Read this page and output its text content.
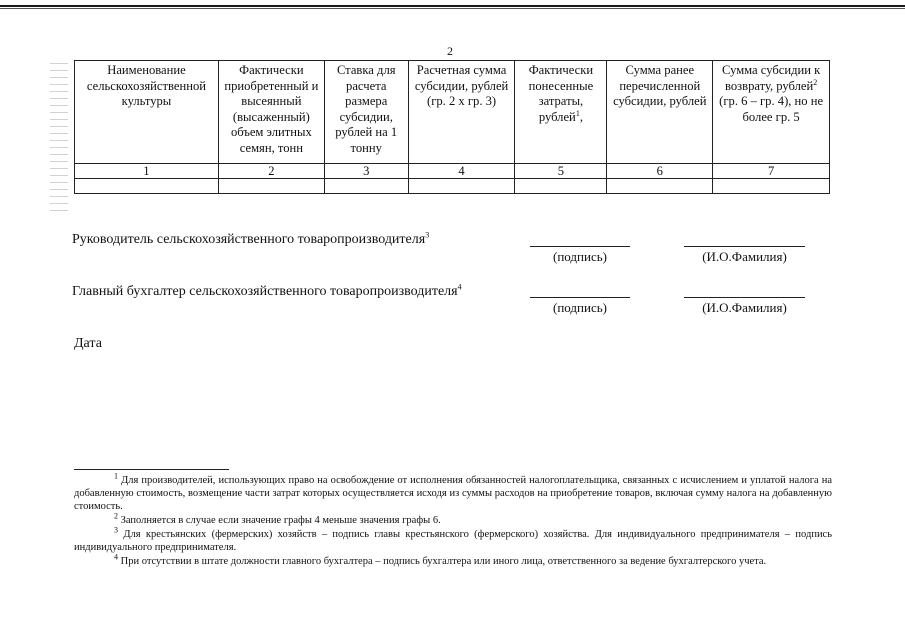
2
Наименование сельскохозяйственной культуры	Фактически приобретенный и высеянный (высаженный) объем элитных семян, тонн	Ставка для расчета размера субсидии, рублей на 1 тонну	Расчетная сумма субсидии, рублей (гр. 2 x гр. 3)	Фактически понесенные затраты, рублей$^1$,	Сумма ранее перечисленной субсидии, рублей	Сумма субсидии к возврату, рублей$^2$
(гр. 6 – гр. 4), но не более гр. 5
1	2	3	4	5	6	7

Руководитель сельскохозяйственного товаропроизводителя$^3$
(подпись)	(И.О.Фамилия)
Главный бухгалтер сельскохозяйственного товаропроизводителя$^4$
(подпись)	(И.О.Фамилия)
Дата

$^1$ Для производителей, использующих право на освобождение от исполнения обязанностей налогоплательщика, связанных с исчислением и уплатой налога на добавленную стоимость, возмещение части затрат которых осуществляется исходя из суммы расходов на приобретение товаров, включая сумму налога на добавленную стоимость.

$^2$ Заполняется в случае если значение графы 4 меньше значения графы 6.

$^3$ Для крестьянских (фермерских) хозяйств – подпись главы крестьянского (фермерского) хозяйства. Для индивидуального предпринимателя – подпись индивидуального предпринимателя.

$^4$ При отсутствии в штате должности главного бухгалтера – подпись бухгалтера или иного лица, ответственного за ведение бухгалтерского учета.
